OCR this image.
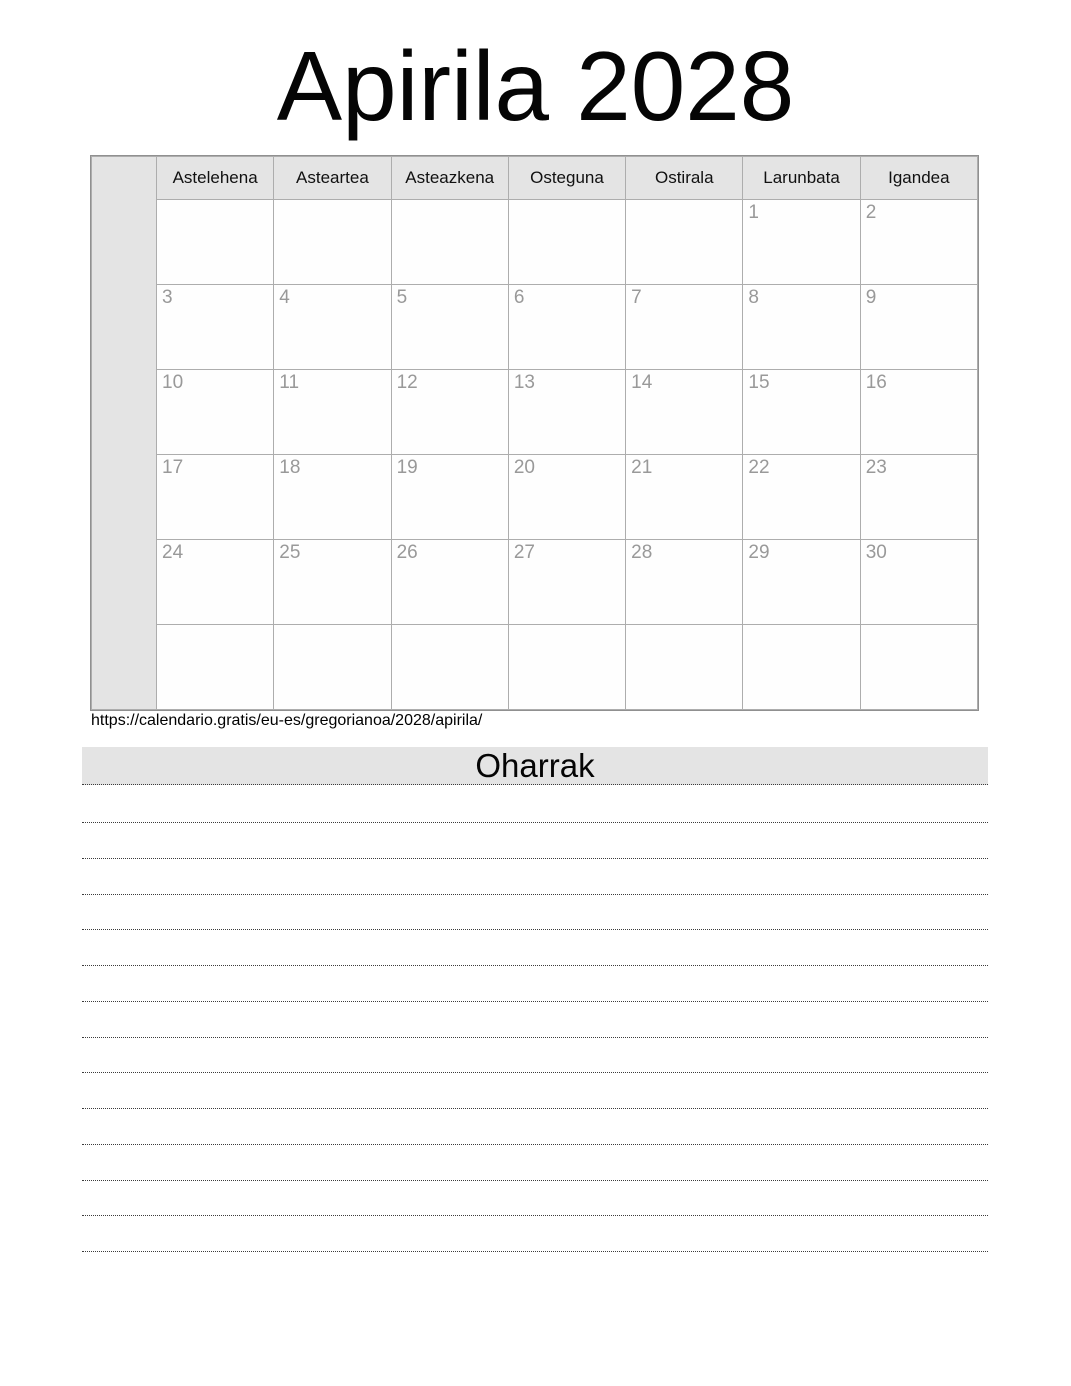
Apirila 2028
	Astelehena	Asteartea	Asteazkena	Osteguna	Ostirala	Larunbata	Igandea

						1	2

	3	4	5	6	7	8	9

	10	11	12	13	14	15	16

	17	18	19	20	21	22	23

	24	25	26	27	28	29	30

https://calendario.gratis/eu-es/gregorianoa/2028/apirila/
Oharrak
